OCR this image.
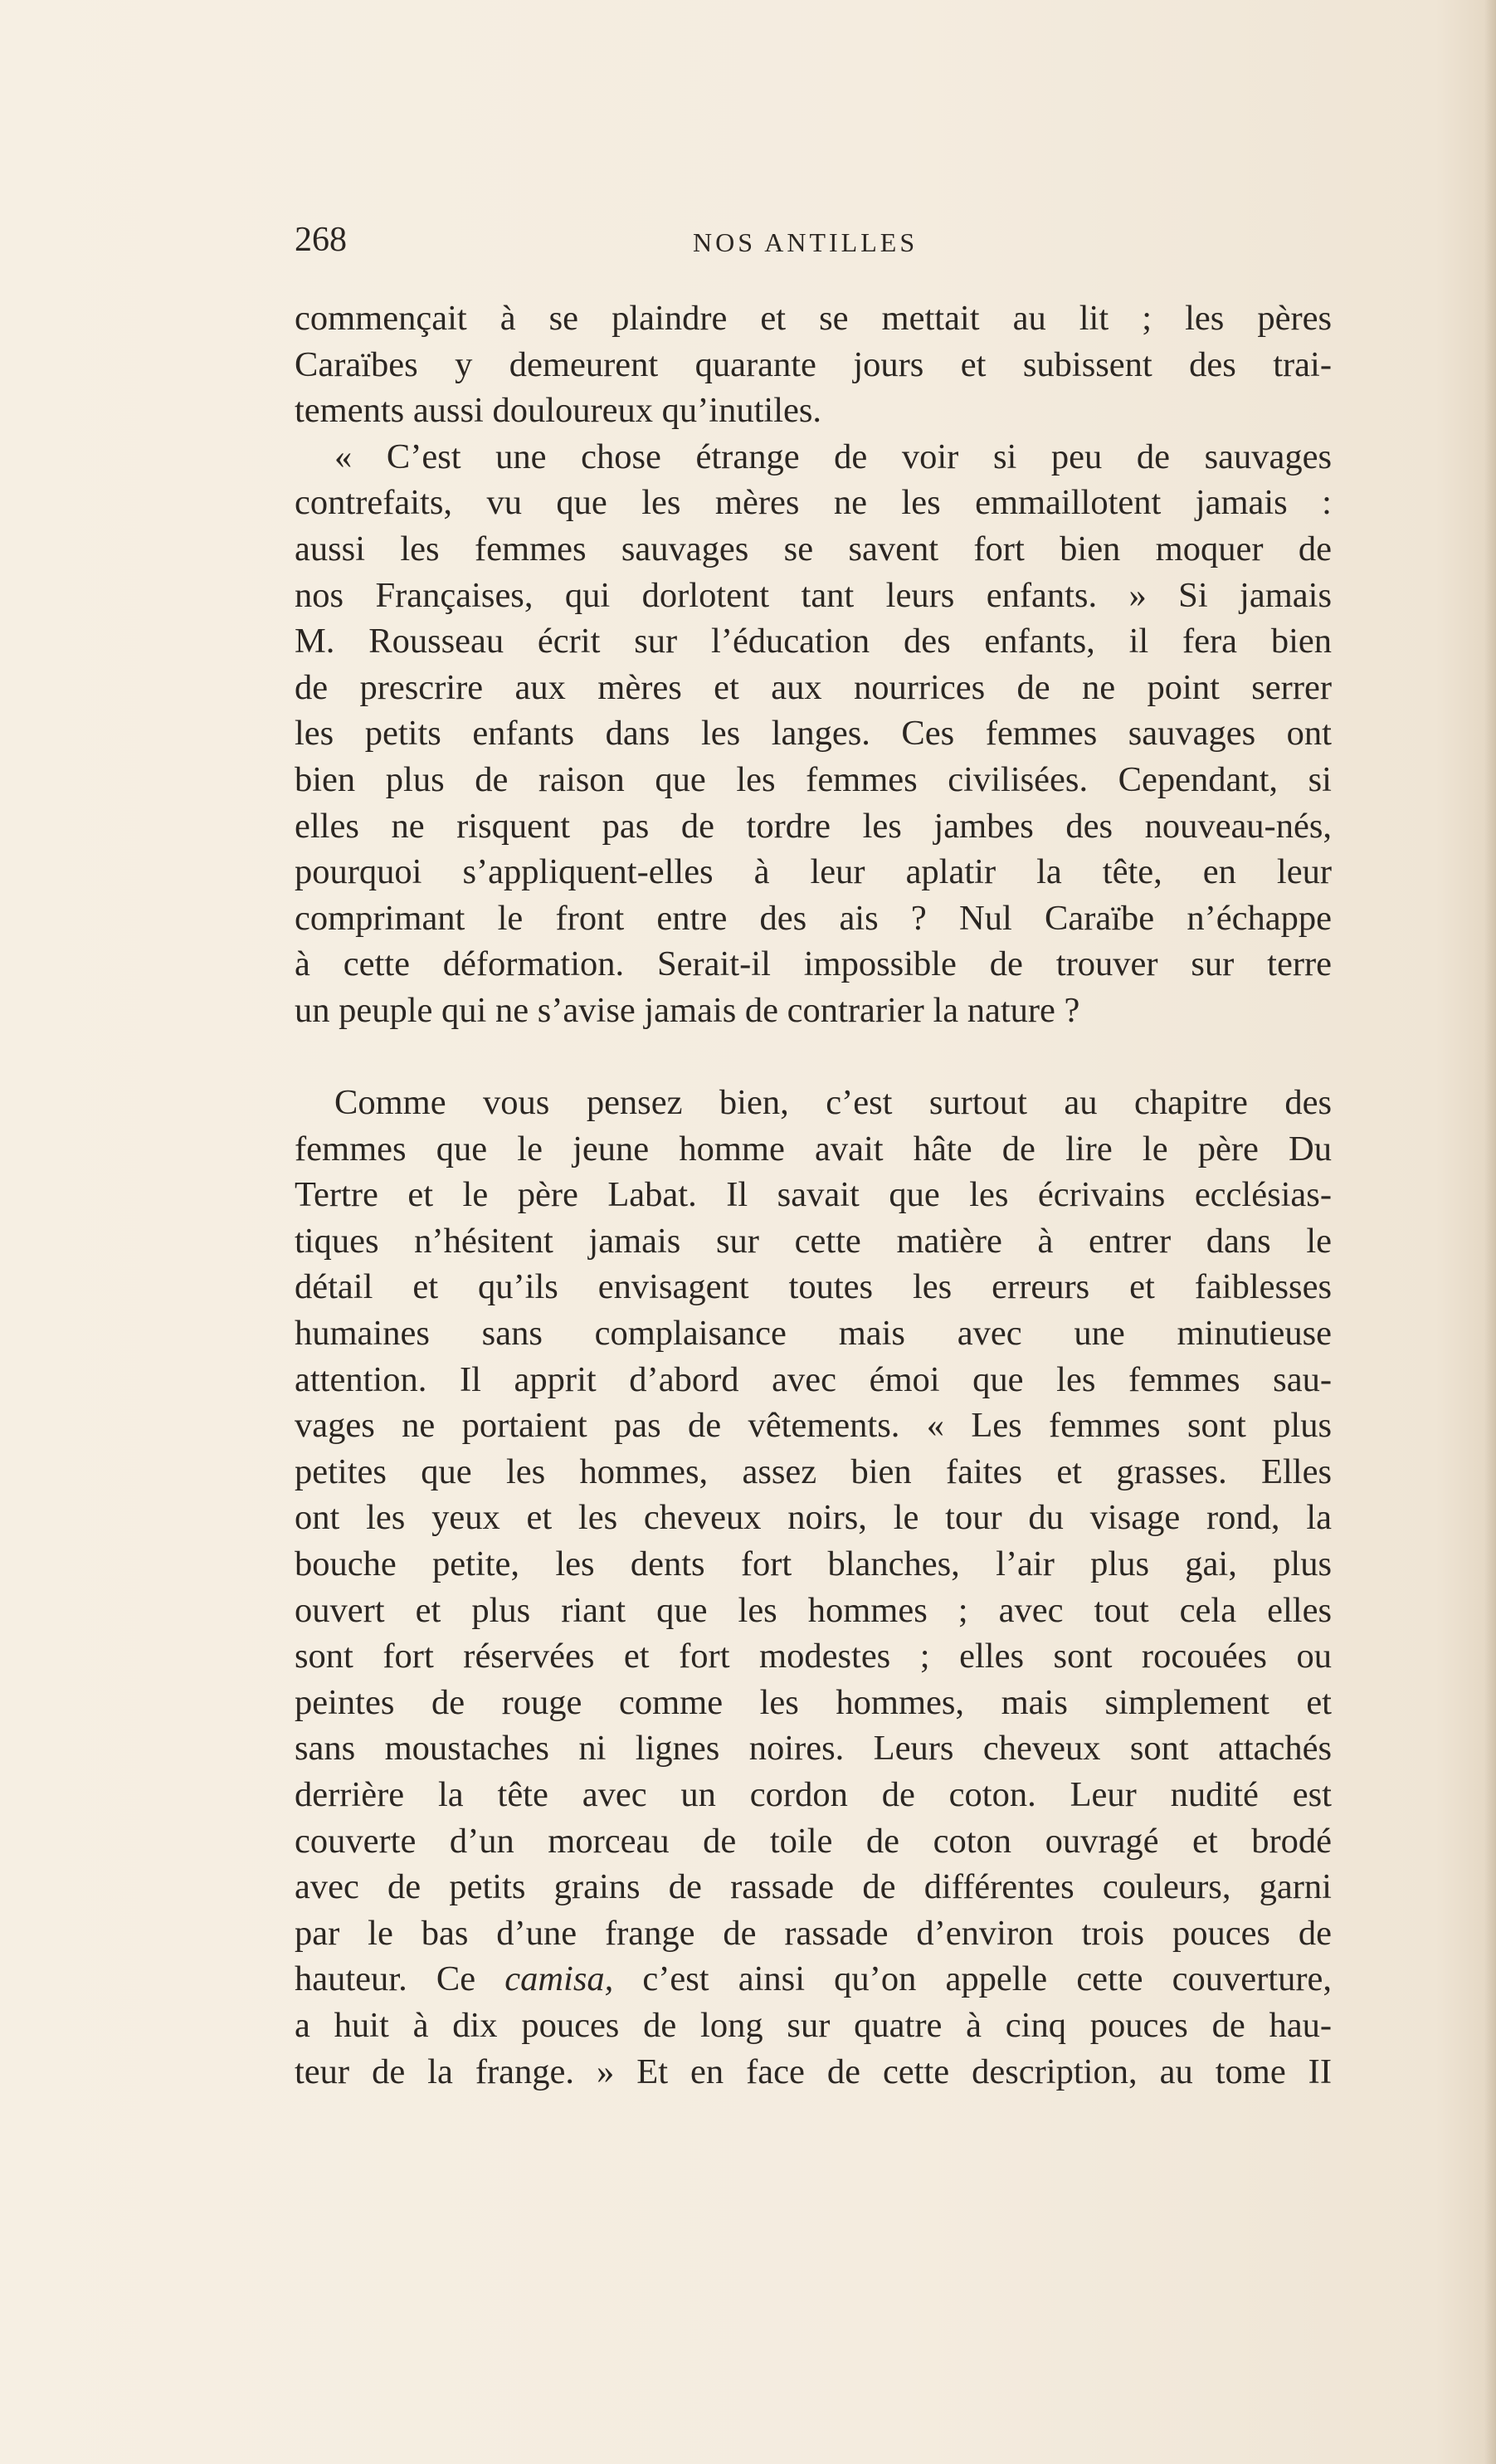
268	NOS ANTILLES
commençait à se plaindre et se mettait au lit ; les pères
Caraïbes y demeurent quarante jours et subissent des trai-
tements aussi douloureux qu’inutiles.
« C’est une chose étrange de voir si peu de sauvages
contrefaits, vu que les mères ne les emmaillotent jamais :
aussi les femmes sauvages se savent fort bien moquer de
nos Françaises, qui dorlotent tant leurs enfants. » Si jamais
M. Rousseau écrit sur l’éducation des enfants, il fera bien
de prescrire aux mères et aux nourrices de ne point serrer
les petits enfants dans les langes. Ces femmes sauvages ont
bien plus de raison que les femmes civilisées. Cependant, si
elles ne risquent pas de tordre les jambes des nouveau-nés,
pourquoi s’appliquent-elles à leur aplatir la tête, en leur
comprimant le front entre des ais ? Nul Caraïbe n’échappe
à cette déformation. Serait-il impossible de trouver sur terre
un peuple qui ne s’avise jamais de contrarier la nature ?
Comme vous pensez bien, c’est surtout au chapitre des
femmes que le jeune homme avait hâte de lire le père Du
Tertre et le père Labat. Il savait que les écrivains ecclésias-
tiques n’hésitent jamais sur cette matière à entrer dans le
détail et qu’ils envisagent toutes les erreurs et faiblesses
humaines sans complaisance mais avec une minutieuse
attention. Il apprit d’abord avec émoi que les femmes sau-
vages ne portaient pas de vêtements. « Les femmes sont plus
petites que les hommes, assez bien faites et grasses. Elles
ont les yeux et les cheveux noirs, le tour du visage rond, la
bouche petite, les dents fort blanches, l’air plus gai, plus
ouvert et plus riant que les hommes ; avec tout cela elles
sont fort réservées et fort modestes ; elles sont rocouées ou
peintes de rouge comme les hommes, mais simplement et
sans moustaches ni lignes noires. Leurs cheveux sont attachés
derrière la tête avec un cordon de coton. Leur nudité est
couverte d’un morceau de toile de coton ouvragé et brodé
avec de petits grains de rassade de différentes couleurs, garni
par le bas d’une frange de rassade d’environ trois pouces de
hauteur. Ce camisa, c’est ainsi qu’on appelle cette couverture,
a huit à dix pouces de long sur quatre à cinq pouces de hau-
teur de la frange. » Et en face de cette description, au tome II
